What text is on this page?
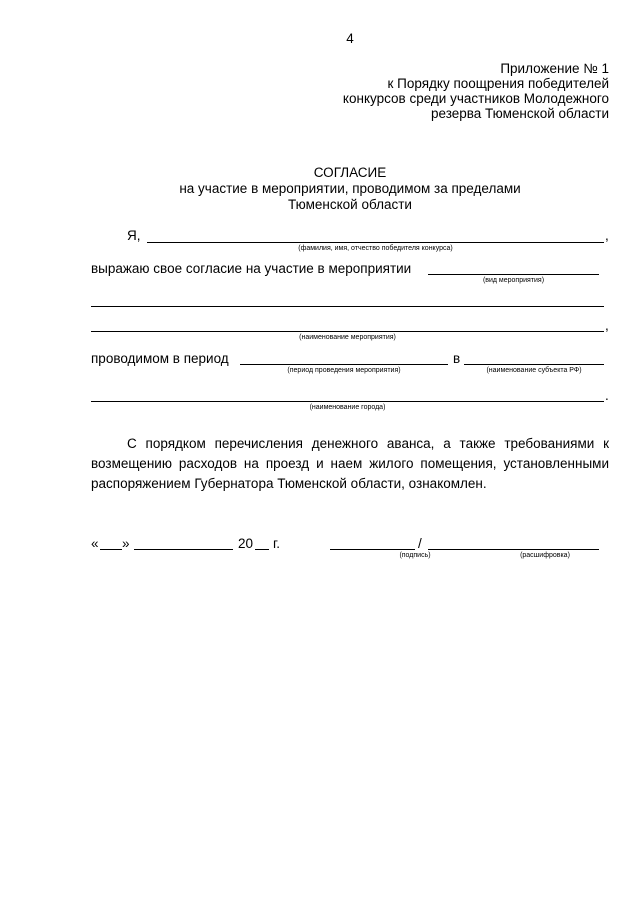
4
Приложение № 1
к Порядку поощрения победителей
конкурсов среди участников Молодежного
резерва Тюменской области
СОГЛАСИЕ
на участие в мероприятии, проводимом за пределами
Тюменской области
Я,	,
(фамилия, имя, отчество победителя конкурса)
выражаю свое согласие на участие в мероприятии
(вид мероприятия)
,
(наименование мероприятия)
проводимом в период	в
(период проведения мероприятия)	(наименование субъекта РФ)
.
(наименование города)
С порядком перечисления денежного аванса, а также требованиями к
возмещению расходов на проезд и наем жилого помещения, установленными
распоряжением Губернатора Тюменской области, ознакомлен.
« »	20 г.	/
(подпись)	(расшифровка)
